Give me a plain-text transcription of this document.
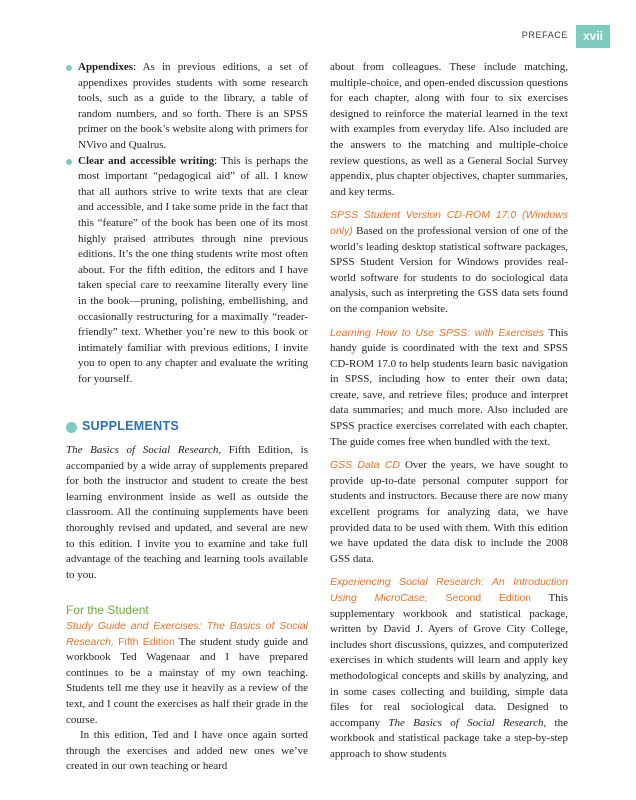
PREFACE	xvii

Appendixes: As in previous editions, a set of appendixes provides students with some research tools, such as a guide to the library, a table of random numbers, and so forth. There is an SPSS primer on the book’s website along with primers for NVivo and Qualrus.

Clear and accessible writing: This is perhaps the most important “pedagogical aid” of all. I know that all authors strive to write texts that are clear and accessible, and I take some pride in the fact that this “feature” of the book has been one of its most highly praised attributes through nine previous editions. It’s the one thing students write most often about. For the fifth edition, the editors and I have taken special care to reexamine literally every line in the book—pruning, polishing, embellishing, and occasionally restructuring for a maximally “reader-friendly” text. Whether you’re new to this book or intimately familiar with previous editions, I invite you to open to any chapter and evaluate the writing for yourself.

SUPPLEMENTS

The Basics of Social Research, Fifth Edition, is accompanied by a wide array of supplements prepared for both the instructor and student to create the best learning environment inside as well as outside the classroom. All the continuing supplements have been thoroughly revised and updated, and several are new to this edition. I invite you to examine and take full advantage of the teaching and learning tools available to you.

For the Student

Study Guide and Exercises: The Basics of Social Research, Fifth Edition The student study guide and workbook Ted Wagenaar and I have prepared continues to be a mainstay of my own teaching. Students tell me they use it heavily as a review of the text, and I count the exercises as half their grade in the course.

In this edition, Ted and I have once again sorted through the exercises and added new ones we’ve created in our own teaching or heard

about from colleagues. These include matching, multiple-choice, and open-ended discussion questions for each chapter, along with four to six exercises designed to reinforce the material learned in the text with examples from everyday life. Also included are the answers to the matching and multiple-choice review questions, as well as a General Social Survey appendix, plus chapter objectives, chapter summaries, and key terms.

SPSS Student Version CD-ROM 17.0 (Windows only) Based on the professional version of one of the world’s leading desktop statistical software packages, SPSS Student Version for Windows provides real-world software for students to do sociological data analysis, such as interpreting the GSS data sets found on the companion website.

Learning How to Use SPSS: with Exercises This handy guide is coordinated with the text and SPSS CD-ROM 17.0 to help students learn basic navigation in SPSS, including how to enter their own data; create, save, and retrieve files; produce and interpret data summaries; and much more. Also included are SPSS practice exercises correlated with each chapter. The guide comes free when bundled with the text.

GSS Data CD Over the years, we have sought to provide up-to-date personal computer support for students and instructors. Because there are now many excellent programs for analyzing data, we have provided data to be used with them. With this edition we have updated the data disk to include the 2008 GSS data.

Experiencing Social Research: An Introduction Using MicroCase, Second Edition This supplementary workbook and statistical package, written by David J. Ayers of Grove City College, includes short discussions, quizzes, and computerized exercises in which students will learn and apply key methodological concepts and skills by analyzing, and in some cases collecting and building, simple data files for real sociological data. Designed to accompany The Basics of Social Research, the workbook and statistical package take a step-by-step approach to show students
